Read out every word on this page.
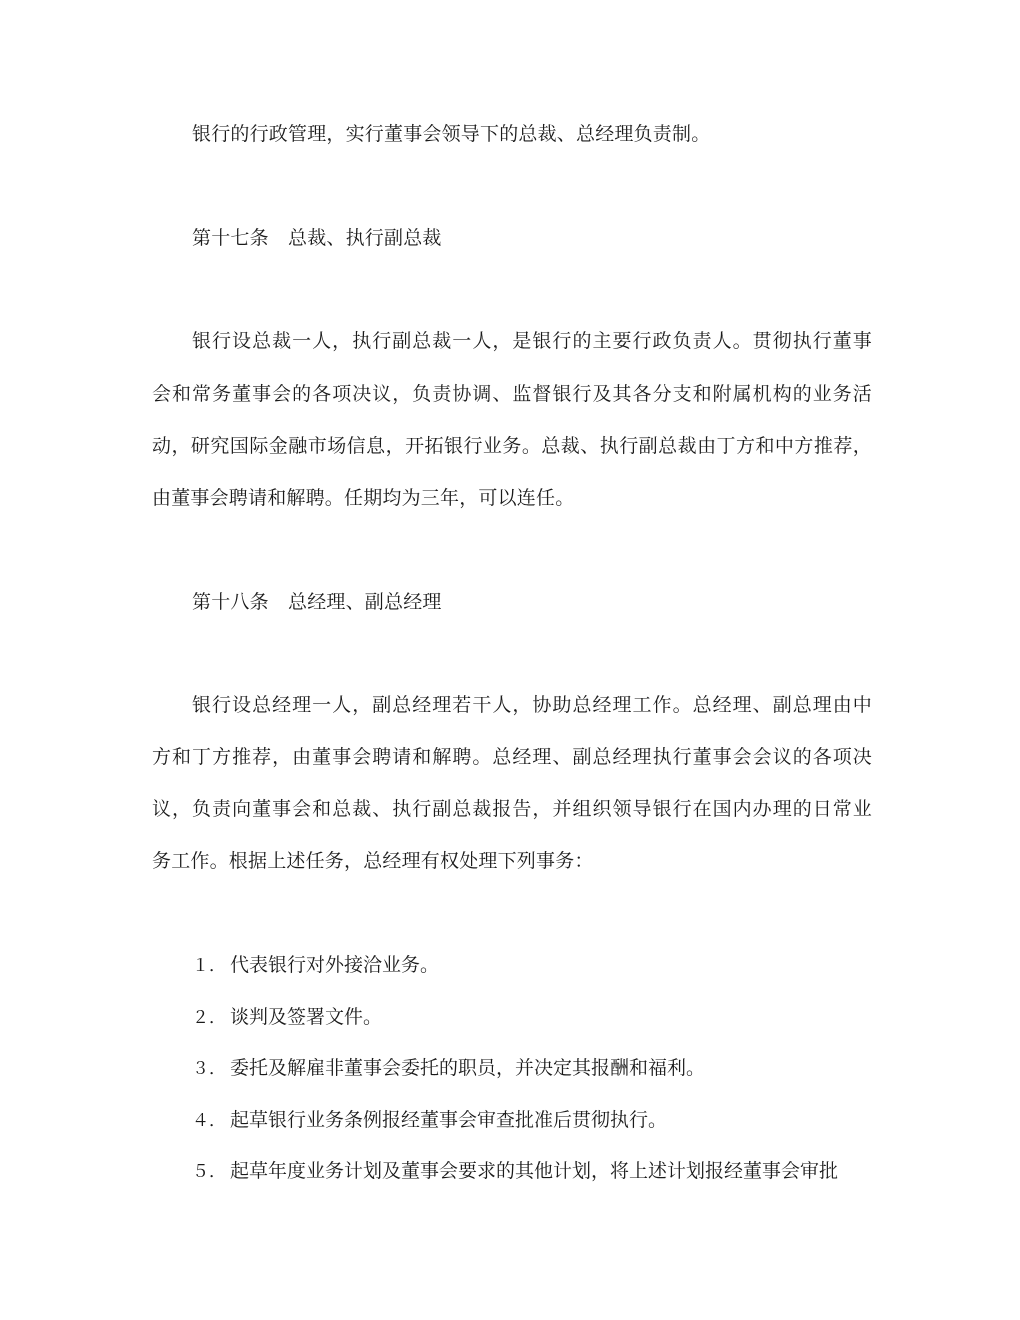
银行的行政管理，实行董事会领导下的总裁、总经理负责制。
第十七条　总裁、执行副总裁
银行设总裁一人，执行副总裁一人，是银行的主要行政负责人。贯彻执行董事
会和常务董事会的各项决议，负责协调、监督银行及其各分支和附属机构的业务活
动，研究国际金融市场信息，开拓银行业务。总裁、执行副总裁由丁方和中方推荐，
由董事会聘请和解聘。任期均为三年，可以连任。
第十八条　总经理、副总经理
银行设总经理一人，副总经理若干人，协助总经理工作。总经理、副总理由中
方和丁方推荐，由董事会聘请和解聘。总经理、副总经理执行董事会会议的各项决
议，负责向董事会和总裁、执行副总裁报告，并组织领导银行在国内办理的日常业
务工作。根据上述任务，总经理有权处理下列事务：
１． 代表银行对外接洽业务。
２． 谈判及签署文件。
３． 委托及解雇非董事会委托的职员，并决定其报酬和福利。
４． 起草银行业务条例报经董事会审查批准后贯彻执行。
５． 起草年度业务计划及董事会要求的其他计划，将上述计划报经董事会审批
